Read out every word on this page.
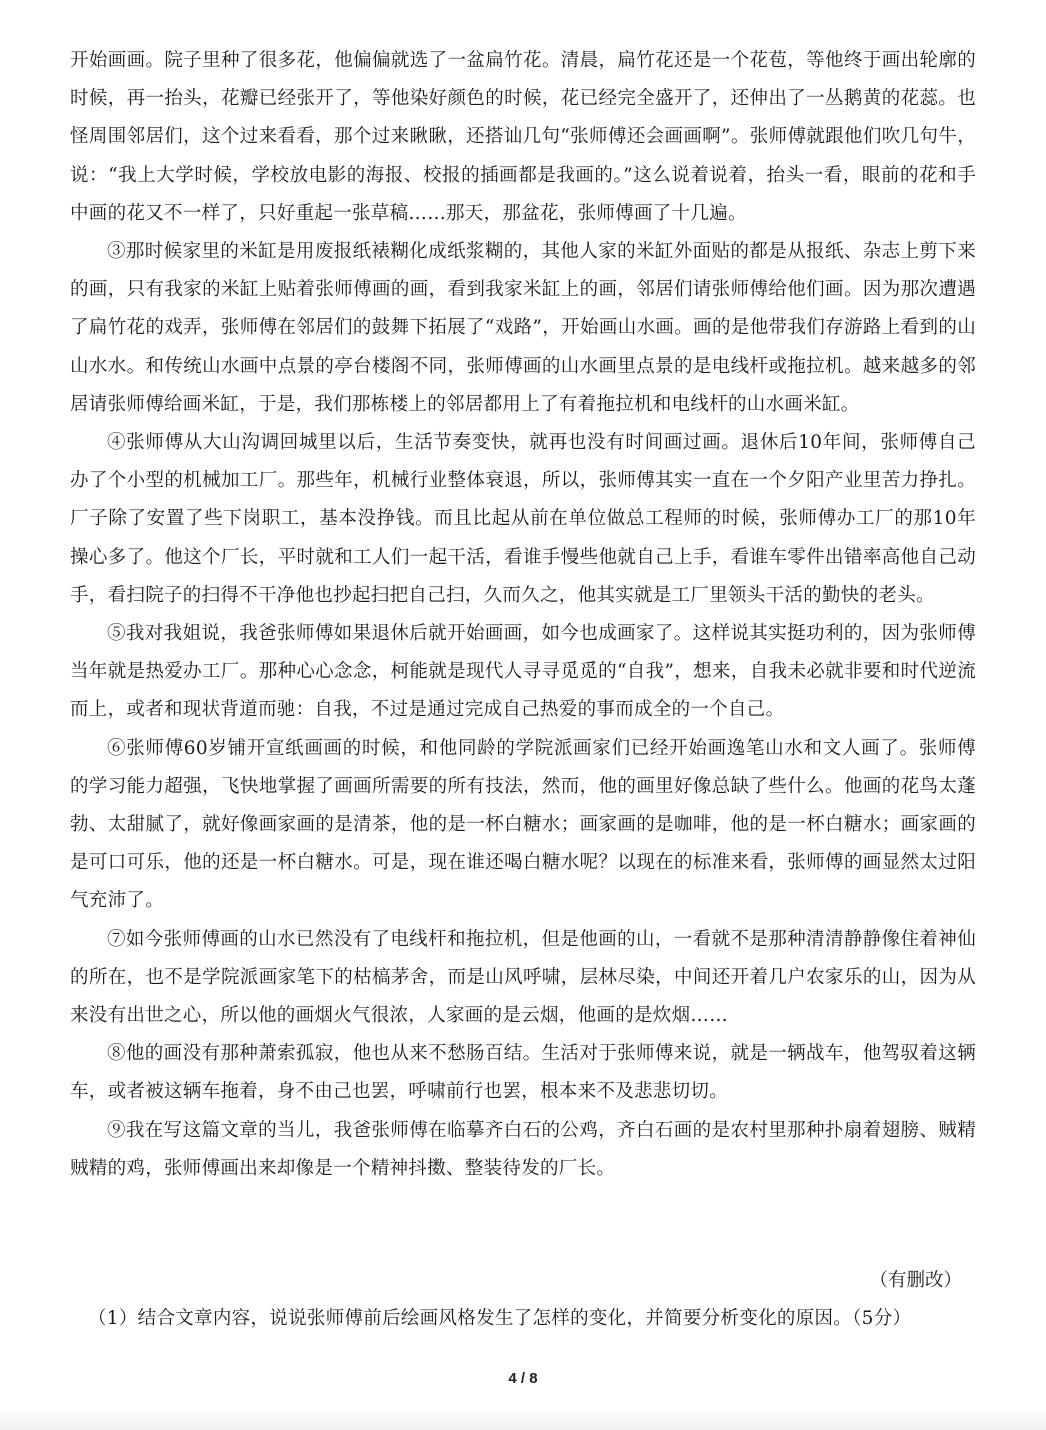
开始画画。院子里种了很多花，他偏偏就选了一盆扁竹花。清晨，扁竹花还是一个花苞，等他终于画出轮廓的时候，再一抬头，花瓣已经张开了，等他染好颜色的时候，花已经完全盛开了，还伸出了一丛鹅黄的花蕊。也怪周围邻居们，这个过来看看，那个过来瞅瞅，还搭讪几句“张师傅还会画画啊”。张师傅就跟他们吹几句牛，说：“我上大学时候，学校放电影的海报、校报的插画都是我画的。”这么说着说着，抬头一看，眼前的花和手中画的花又不一样了，只好重起一张草稿……那天，那盆花，张师傅画了十几遍。

③那时候家里的米缸是用废报纸裱糊化成纸浆糊的，其他人家的米缸外面贴的都是从报纸、杂志上剪下来的画，只有我家的米缸上贴着张师傅画的画，看到我家米缸上的画，邻居们请张师傅给他们画。因为那次遭遇了扁竹花的戏弄，张师傅在邻居们的鼓舞下拓展了“戏路”，开始画山水画。画的是他带我们存游路上看到的山山水水。和传统山水画中点景的亭台楼阁不同，张师傅画的山水画里点景的是电线杆或拖拉机。越来越多的邻居请张师傅给画米缸，于是，我们那栋楼上的邻居都用上了有着拖拉机和电线杆的山水画米缸。

④张师傅从大山沟调回城里以后，生活节奏变快，就再也没有时间画过画。退休后10年间，张师傅自己办了个小型的机械加工厂。那些年，机械行业整体衰退，所以，张师傅其实一直在一个夕阳产业里苦力挣扎。厂子除了安置了些下岗职工，基本没挣钱。而且比起从前在单位做总工程师的时候，张师傅办工厂的那10年操心多了。他这个厂长，平时就和工人们一起干活，看谁手慢些他就自己上手，看谁车零件出错率高他自己动手，看扫院子的扫得不干净他也抄起扫把自己扫，久而久之，他其实就是工厂里领头干活的勤快的老头。

⑤我对我姐说，我爸张师傅如果退休后就开始画画，如今也成画家了。这样说其实挺功利的，因为张师傅当年就是热爱办工厂。那种心心念念，柯能就是现代人寻寻觅觅的“自我”，想来，自我未必就非要和时代逆流而上，或者和现状背道而驰：自我，不过是通过完成自己热爱的事而成全的一个自己。

⑥张师傅60岁铺开宣纸画画的时候，和他同龄的学院派画家们已经开始画逸笔山水和文人画了。张师傅的学习能力超强，飞快地掌握了画画所需要的所有技法，然而，他的画里好像总缺了些什么。他画的花鸟太蓬勃、太甜腻了，就好像画家画的是清茶，他的是一杯白糖水；画家画的是咖啡，他的是一杯白糖水；画家画的是可口可乐，他的还是一杯白糖水。可是，现在谁还喝白糖水呢？以现在的标准来看，张师傅的画显然太过阳气充沛了。

⑦如今张师傅画的山水已然没有了电线杆和拖拉机，但是他画的山，一看就不是那种清清静静像住着神仙的所在，也不是学院派画家笔下的枯槁茅舍，而是山风呼啸，层林尽染，中间还开着几户农家乐的山，因为从来没有出世之心，所以他的画烟火气很浓，人家画的是云烟，他画的是炊烟……

⑧他的画没有那种萧索孤寂，他也从来不愁肠百结。生活对于张师傅来说，就是一辆战车，他驾驭着这辆车，或者被这辆车拖着，身不由己也罢，呼啸前行也罢，根本来不及悲悲切切。

⑨我在写这篇文章的当儿，我爸张师傅在临摹齐白石的公鸡，齐白石画的是农村里那种扑扇着翅膀、贼精贼精的鸡，张师傅画出来却像是一个精神抖擞、整装待发的厂长。

（有删改）
（1）结合文章内容，说说张师傅前后绘画风格发生了怎样的变化，并简要分析变化的原因。（5分）
4 / 8
